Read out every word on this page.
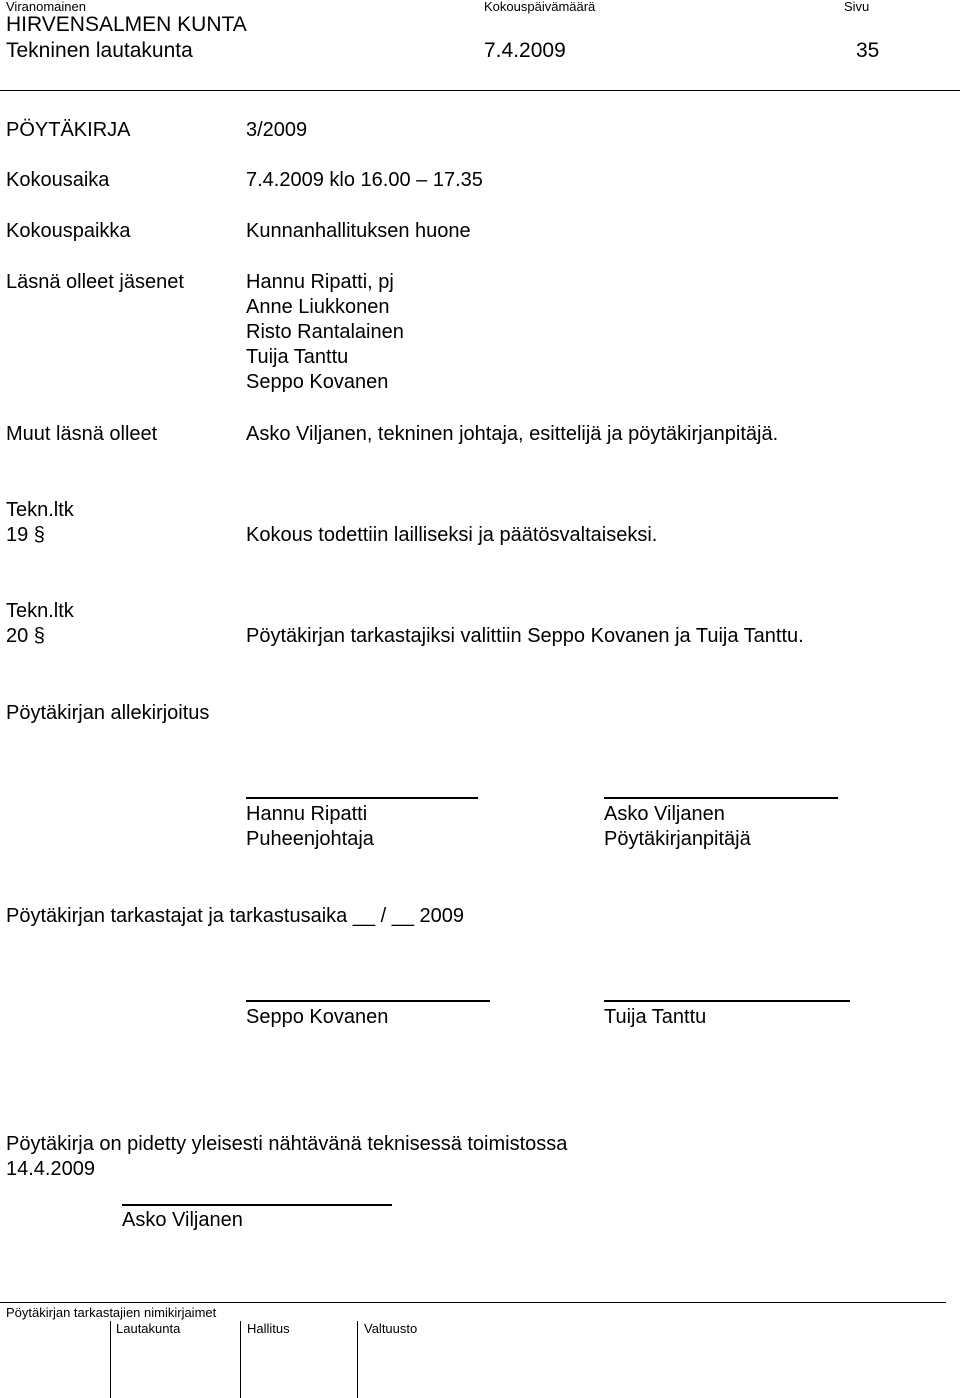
Viranomainen	Kokouspäivämäärä	Sivu
HIRVENSALMEN KUNTA
Tekninen lautakunta	7.4.2009	35
PÖYTÄKIRJA	3/2009
Kokousaika	7.4.2009 klo 16.00 – 17.35
Kokouspaikka	Kunnanhallituksen huone
Läsnä olleet jäsenet	Hannu Ripatti, pj
Anne Liukkonen
Risto Rantalainen
Tuija Tanttu
Seppo Kovanen
Muut läsnä olleet	Asko Viljanen, tekninen johtaja, esittelijä ja pöytäkirjanpitäjä.
Tekn.ltk
19 §	Kokous todettiin lailliseksi ja päätösvaltaiseksi.
Tekn.ltk
20 §	Pöytäkirjan tarkastajiksi valittiin Seppo Kovanen ja Tuija Tanttu.
Pöytäkirjan allekirjoitus
Hannu Ripatti
Puheenjohtaja
Asko Viljanen
Pöytäkirjanpitäjä
Pöytäkirjan tarkastajat ja tarkastusaika __ / __ 2009
Seppo Kovanen	Tuija Tanttu
Pöytäkirja on pidetty yleisesti nähtävänä teknisessä toimistossa
14.4.2009
Asko Viljanen
Pöytäkirjan tarkastajien nimikirjaimet
Lautakunta	Hallitus	Valtuusto
